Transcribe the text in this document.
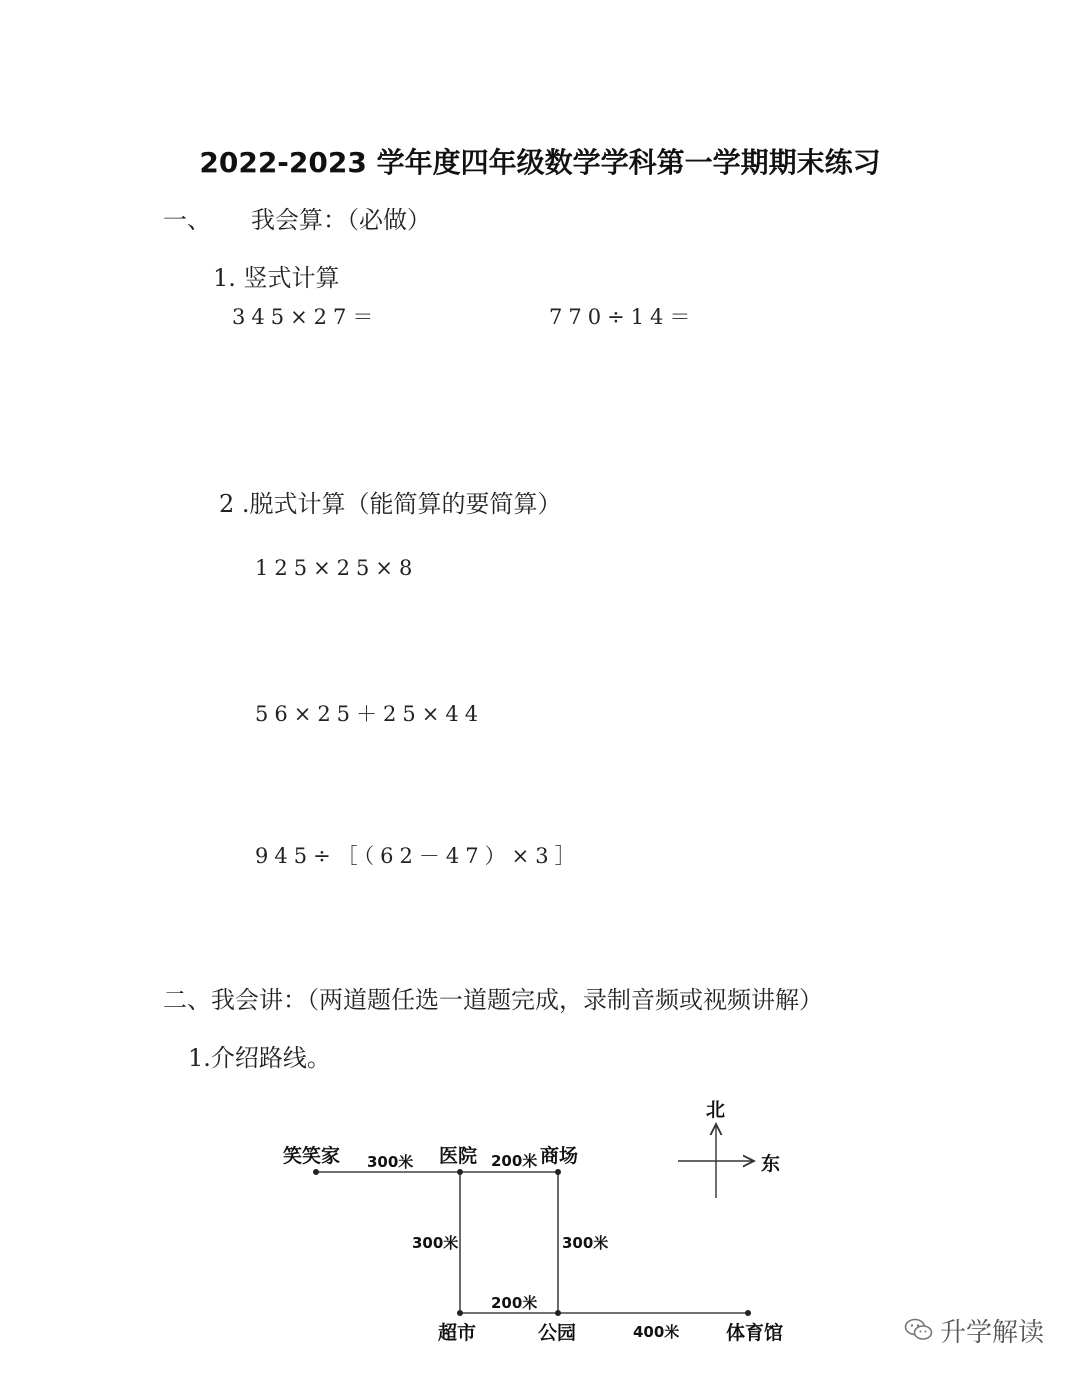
2022-2023 学年度四年级数学学科第一学期期末练习
一、 我会算：（必做）
1. 竖式计算
345×27＝	770÷14＝
2 .脱式计算（能简算的要简算）
125×25×8
56×25＋25×44
945÷［（62－47）×3］
二、我会讲：（两道题任选一道题完成，录制音频或视频讲解）
1.介绍路线。
笑笑家	医院	商场
超市	公园	体育馆
300米	200米
300米	300米
200米
400米
北
东
升学解读
